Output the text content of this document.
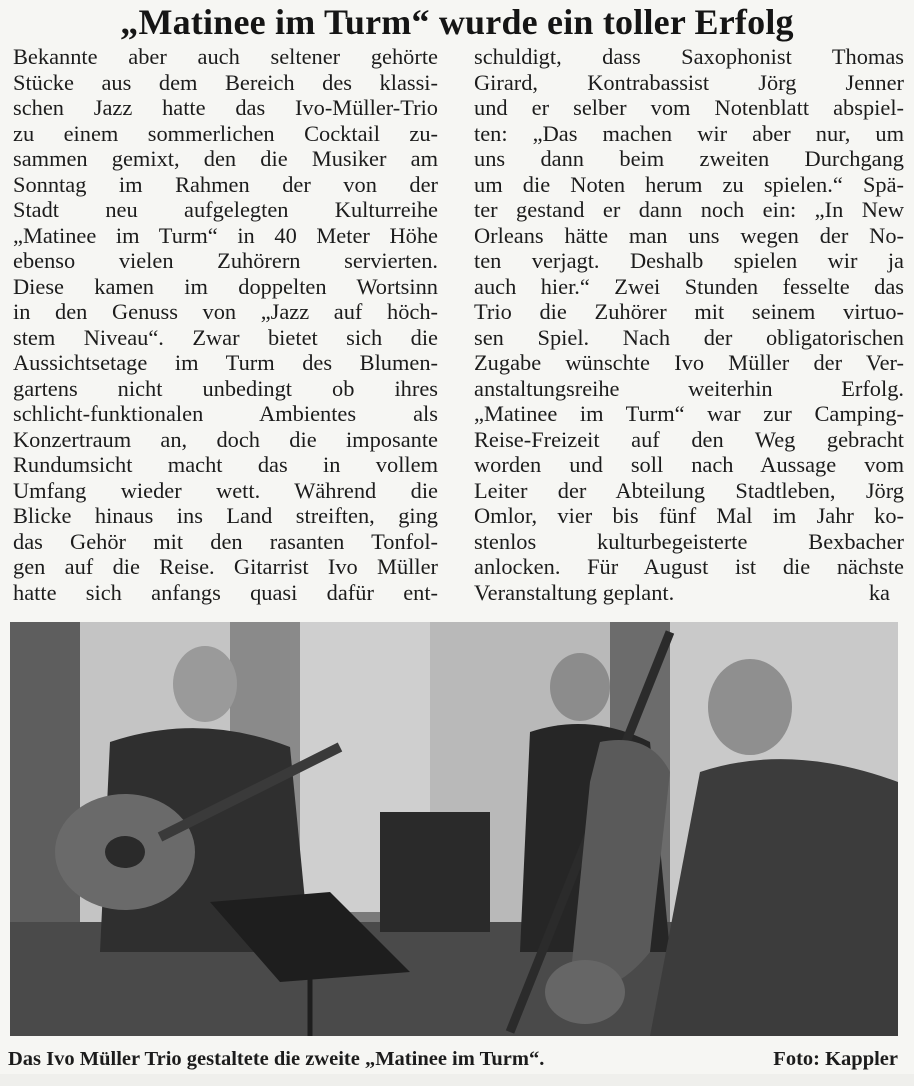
„Matinee im Turm“ wurde ein toller Erfolg
Bekannte aber auch seltener gehörte
Stücke aus dem Bereich des klassi-
schen Jazz hatte das Ivo-Müller-Trio
zu einem sommerlichen Cocktail zu-
sammen gemixt, den die Musiker am
Sonntag im Rahmen der von der
Stadt neu aufgelegten Kulturreihe
„Matinee im Turm“ in 40 Meter Höhe
ebenso vielen Zuhörern servierten.
Diese kamen im doppelten Wortsinn
in den Genuss von „Jazz auf höch-
stem Niveau“. Zwar bietet sich die
Aussichtsetage im Turm des Blumen-
gartens nicht unbedingt ob ihres
schlicht-funktionalen Ambientes als
Konzertraum an, doch die imposante
Rundumsicht macht das in vollem
Umfang wieder wett. Während die
Blicke hinaus ins Land streiften, ging
das Gehör mit den rasanten Tonfol-
gen auf die Reise. Gitarrist Ivo Müller
hatte sich anfangs quasi dafür ent-
schuldigt, dass Saxophonist Thomas
Girard, Kontrabassist Jörg Jenner
und er selber vom Notenblatt abspiel-
ten: „Das machen wir aber nur, um
uns dann beim zweiten Durchgang
um die Noten herum zu spielen.“ Spä-
ter gestand er dann noch ein: „In New
Orleans hätte man uns wegen der No-
ten verjagt. Deshalb spielen wir ja
auch hier.“ Zwei Stunden fesselte das
Trio die Zuhörer mit seinem virtuo-
sen Spiel. Nach der obligatorischen
Zugabe wünschte Ivo Müller der Ver-
anstaltungsreihe weiterhin Erfolg.
„Matinee im Turm“ war zur Camping-
Reise-Freizeit auf den Weg gebracht
worden und soll nach Aussage vom
Leiter der Abteilung Stadtleben, Jörg
Omlor, vier bis fünf Mal im Jahr ko-
stenlos kulturbegeisterte Bexbacher
anlocken. Für August ist die nächste
Veranstaltung geplant.	ka
Das Ivo Müller Trio gestaltete die zweite „Matinee im Turm“.	Foto: Kappler
